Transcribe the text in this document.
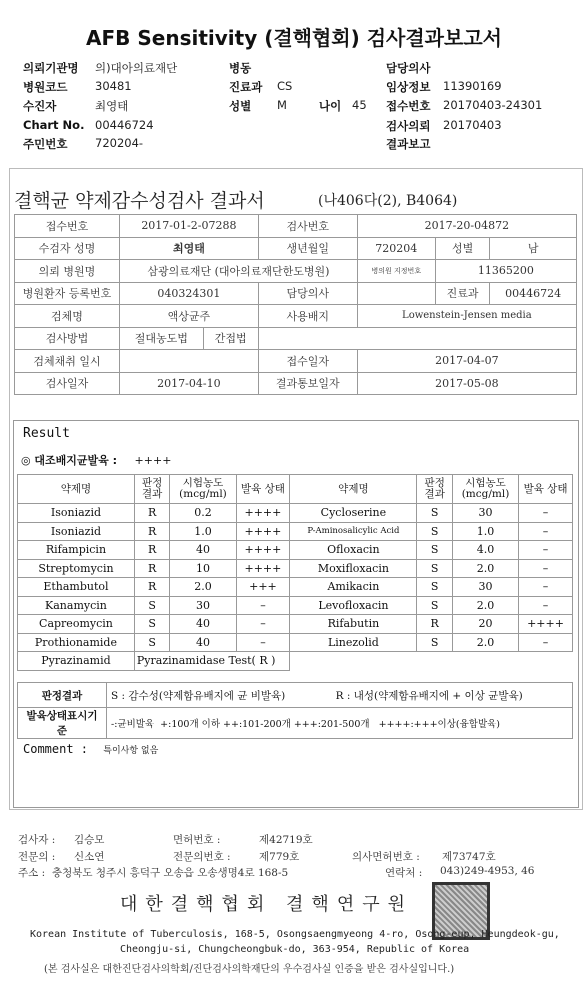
AFB Sensitivity (결핵협회) 검사결과보고서
의뢰기관명 의)대아의료재단	병동	담당의사
병원코드 30481	진료과 CS	임상정보 11390169
수진자	최영태	성별 M	나이 45 접수번호 20170403-24301
Chart No. 00446724	검사의뢰 20170403
주민번호 720204-	결과보고
결핵균 약제감수성검사 결과서	(나406다(2), B4064)
접수번호	2017-01-2-07288		검사번호	2017-20-04872		
수검자 성명	최영태		생년월일	720204	성별	남
의뢰 병원명	삼광의료재단 (대아의료재단한도병원)			병의원 지정번호	11365200	
병원환자 등록번호	040324301		담당의사		진료과	00446724
검체명	액상균주		사용배지	Lowenstein-Jensen media		
검사방법	절대농도법	간접법				
검체채취 일시			접수일자	2017-04-07		
검사일자	2017-04-10		결과통보일자	2017-05-08		
Result
◎ 대조배지균발육 : ++++
약제명	판정 결과	시험농도 (mcg/ml)	발육 상태	약제명	판정 결과	시험농도 (mcg/ml)	발육 상태
Isoniazid	R	0.2	++++	Cycloserine	S	30	–
Isoniazid	R	1.0	++++	P-Aminosalicylic Acid	S	1.0	–
Rifampicin	R	40	++++	Ofloxacin	S	4.0	–
Streptomycin	R	10	++++	Moxifloxacin	S	2.0	–
Ethambutol	R	2.0	+++	Amikacin	S	30	–
Kanamycin	S	30	–	Levofloxacin	S	2.0	–
Capreomycin	S	40	–	Rifabutin	R	20	++++
Prothionamide	S	40	–	Linezolid	S	2.0	–
Pyrazinamid	Pyrazinamidase Test( R )						
판정결과	S : 감수성(약제함유배지에 균 비발육)	R : 내성(약제함유배지에 + 이상 균발육)
발육상태표시기준	-:균비발육  +:100개 이하 ++:101-200개 +++:201-500개   ++++:+++이상(융합발육)	
Comment : 특이사항 없음
검사자 : 김승모	면허번호 :	제42719호
전문의 : 신소연	전문의번호 :	제779호	의사면허번호 : 제73747호
주소 : 충청북도 청주시 흥덕구 오송읍 오송생명4로 168-5	연락처 : 043)249-4953, 46
대한결핵협회 결핵연구원
Korean Institute of Tuberculosis, 168-5, Osongsaengmyeong 4-ro, Osong-eup, Heungdeok-gu,
Cheongju-si, Chungcheongbuk-do, 363-954, Republic of Korea
(본 검사실은 대한진단검사의학회/진단검사의학재단의 우수검사실 인증을 받은 검사실입니다.)
